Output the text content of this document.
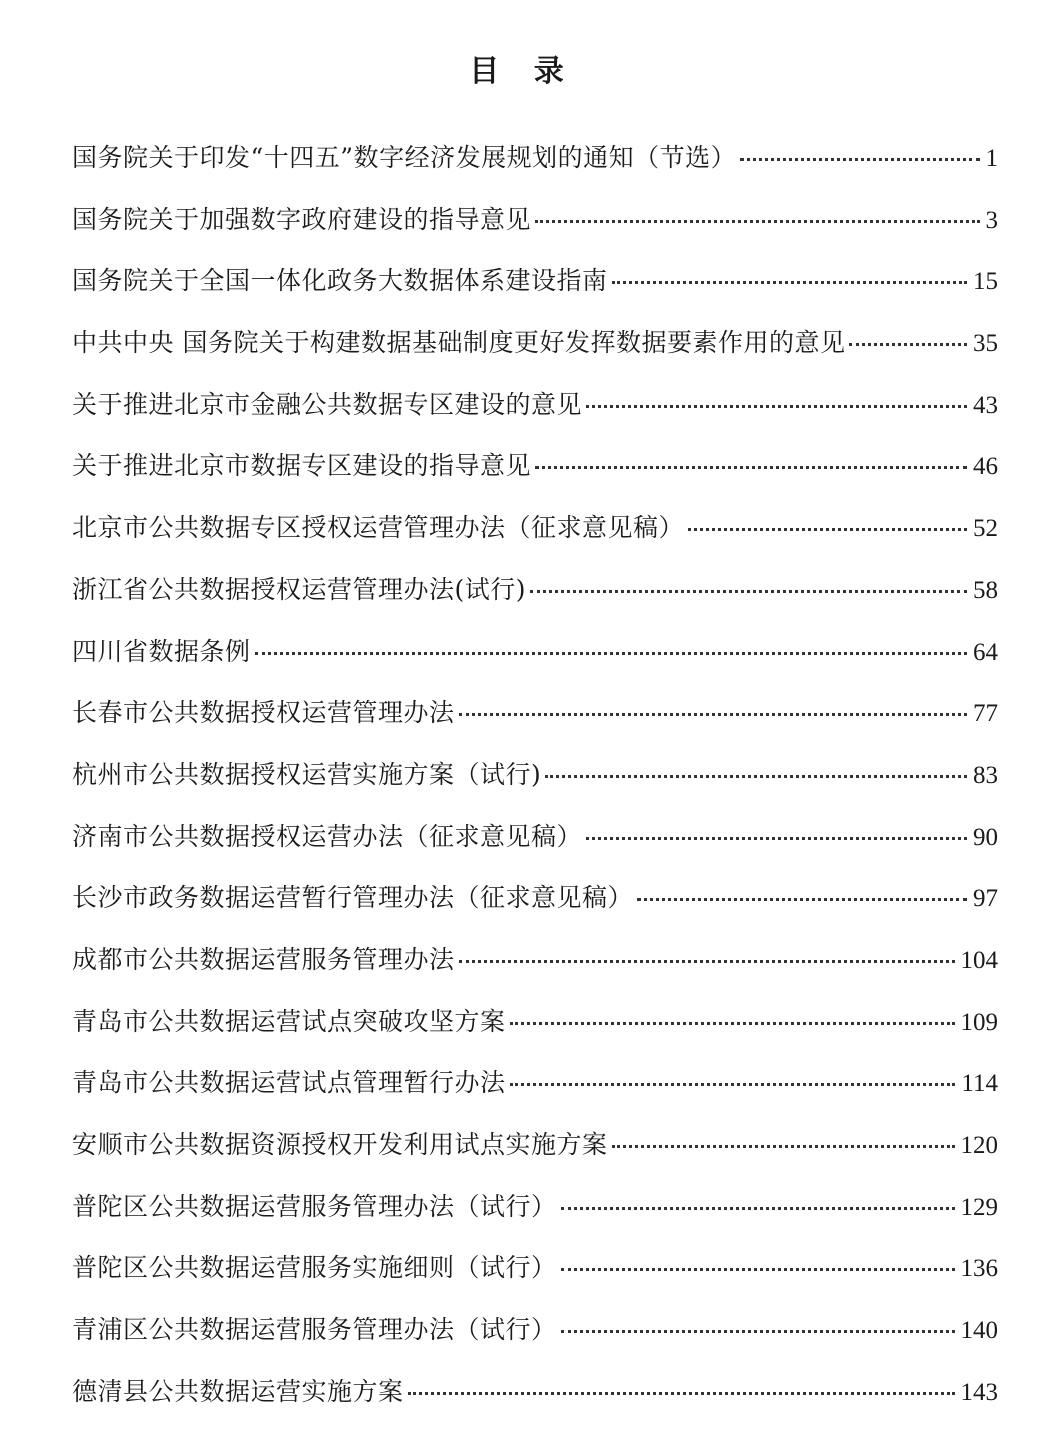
目 录
国务院关于印发“十四五”数字经济发展规划的通知（节选）	1
国务院关于加强数字政府建设的指导意见	3
国务院关于全国一体化政务大数据体系建设指南	15
中共中央 国务院关于构建数据基础制度更好发挥数据要素作用的意见	35
关于推进北京市金融公共数据专区建设的意见	43
关于推进北京市数据专区建设的指导意见	46
北京市公共数据专区授权运营管理办法（征求意见稿）	52
浙江省公共数据授权运营管理办法(试行)	58
四川省数据条例	64
长春市公共数据授权运营管理办法	77
杭州市公共数据授权运营实施方案（试行)	83
济南市公共数据授权运营办法（征求意见稿）	90
长沙市政务数据运营暂行管理办法（征求意见稿）	97
成都市公共数据运营服务管理办法	104
青岛市公共数据运营试点突破攻坚方案	109
青岛市公共数据运营试点管理暂行办法	114
安顺市公共数据资源授权开发利用试点实施方案	120
普陀区公共数据运营服务管理办法（试行）	129
普陀区公共数据运营服务实施细则（试行）	136
青浦区公共数据运营服务管理办法（试行）	140
德清县公共数据运营实施方案	143
